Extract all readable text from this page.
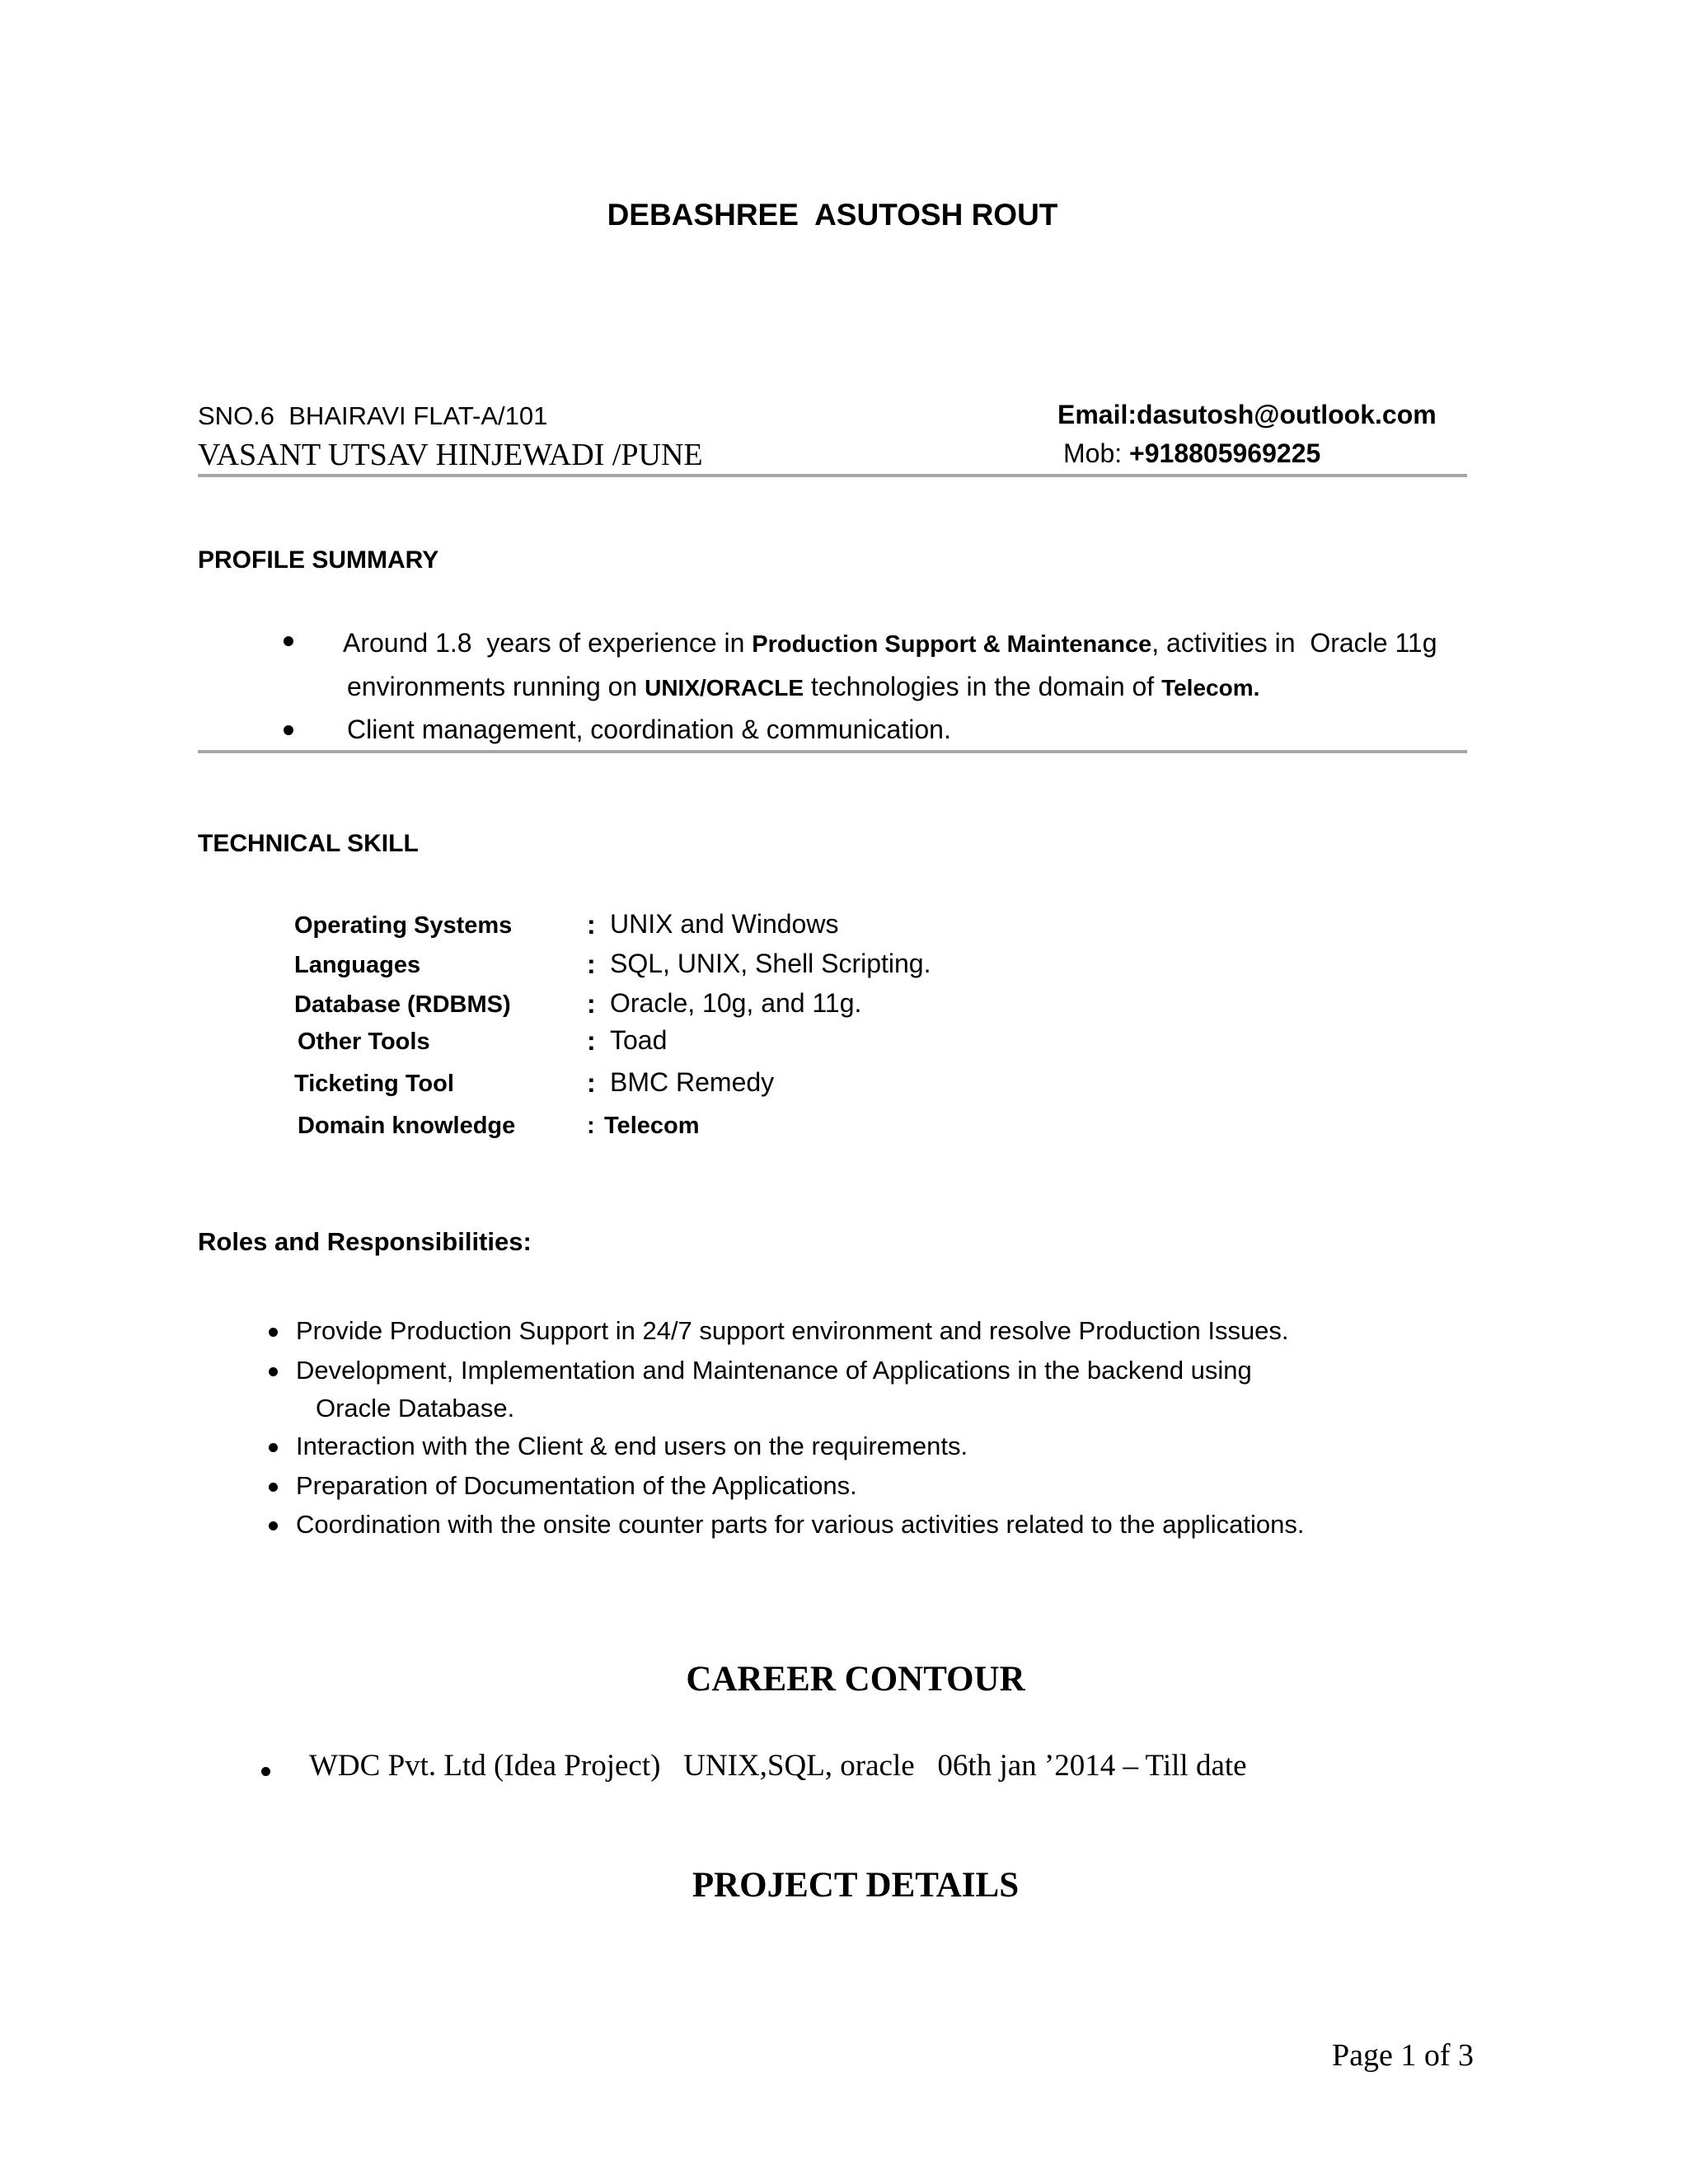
DEBASHREE  ASUTOSH ROUT
SNO.6  BHAIRAVI FLAT-A/101
VASANT UTSAV HINJEWADI /PUNE
Email:dasutosh@outlook.com
Mob: +918805969225
PROFILE SUMMARY
Around 1.8  years of experience in Production Support & Maintenance, activities in  Oracle 11g
environments running on UNIX/ORACLE technologies in the domain of Telecom.
Client management, coordination & communication.
TECHNICAL SKILL
Operating Systems	: UNIX and Windows
Languages	: SQL, UNIX, Shell Scripting.
Database (RDBMS)	: Oracle, 10g, and 11g.
Other Tools	: Toad
Ticketing Tool	: BMC Remedy
Domain knowledge	: Telecom
Roles and Responsibilities:
Provide Production Support in 24/7 support environment and resolve Production Issues.
Development, Implementation and Maintenance of Applications in the backend using
Oracle Database.
Interaction with the Client & end users on the requirements.
Preparation of Documentation of the Applications.
Coordination with the onsite counter parts for various activities related to the applications.
CAREER CONTOUR
WDC Pvt. Ltd (Idea Project)   UNIX,SQL, oracle   06th jan ’2014 – Till date
PROJECT DETAILS
Page 1 of 3
